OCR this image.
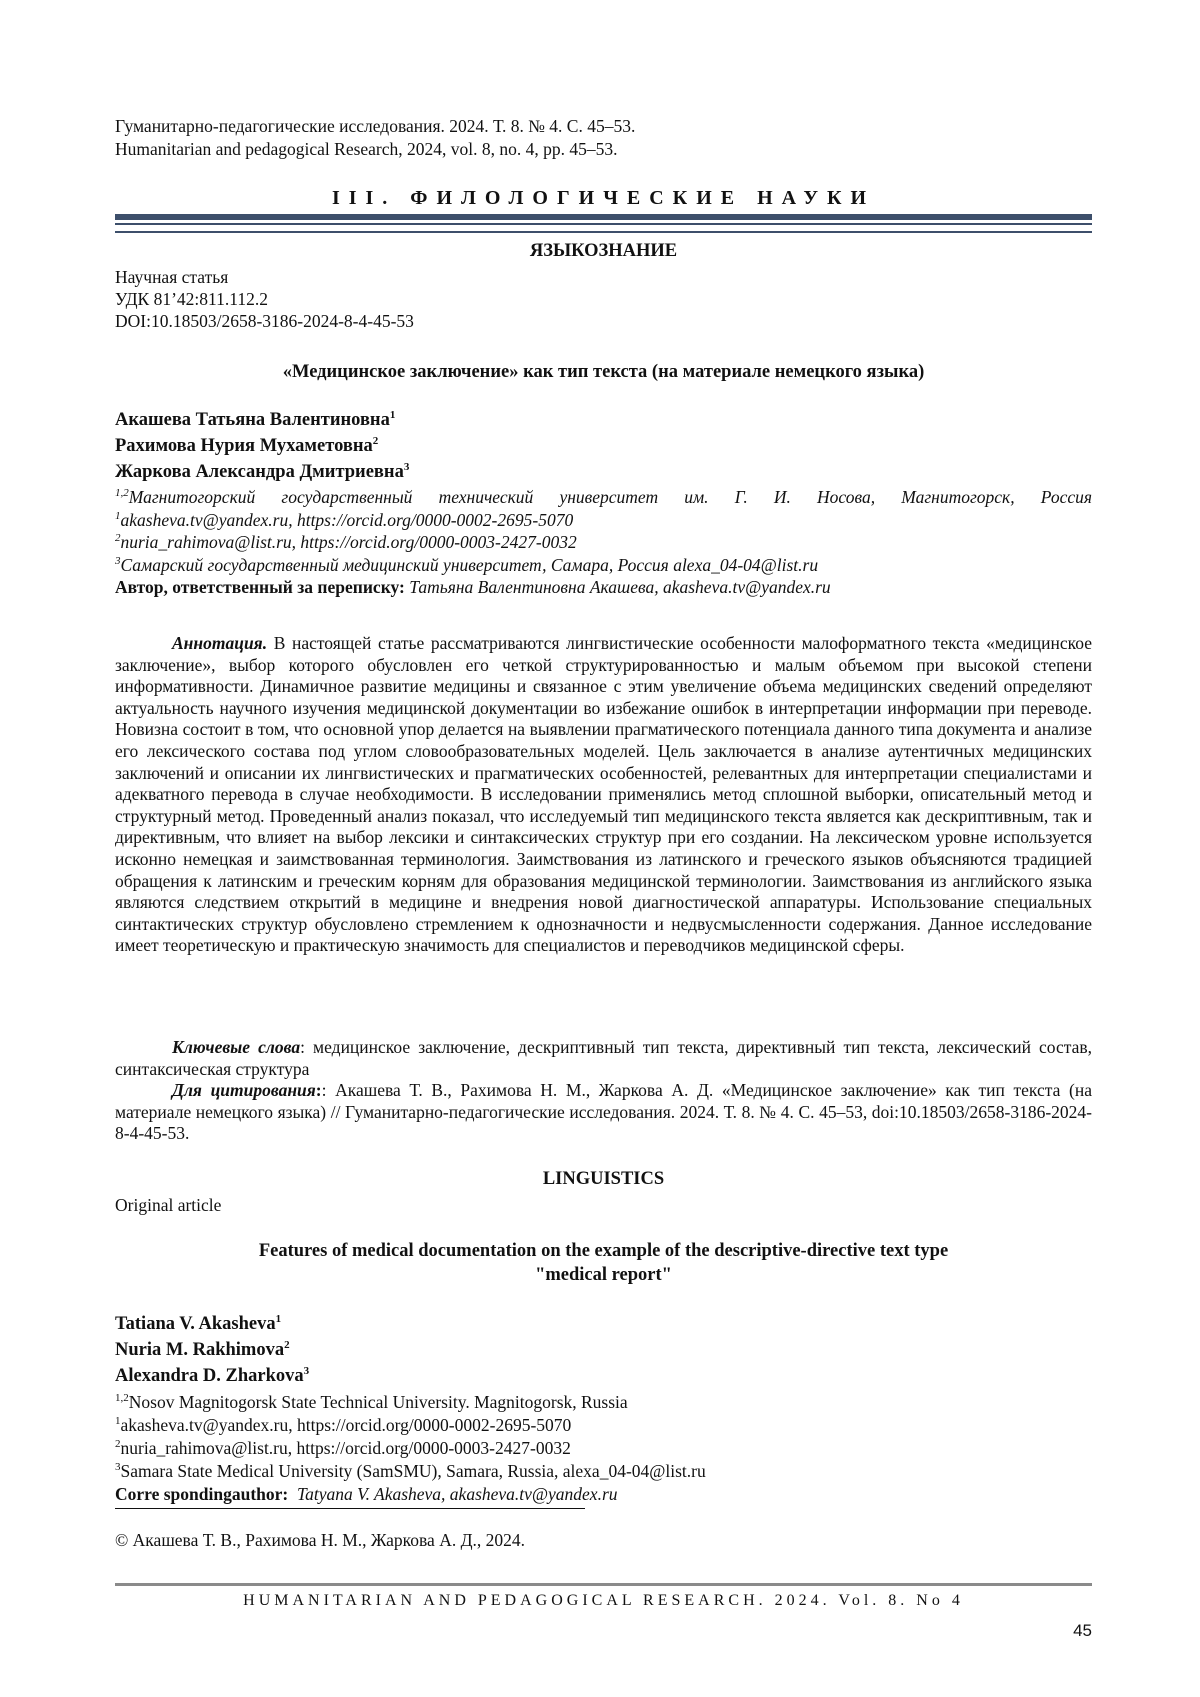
Гуманитарно-педагогические исследования. 2024. Т. 8. № 4. С. 45–53.
Humanitarian and pedagogical Research, 2024, vol. 8, no. 4, pp. 45–53.
III. ФИЛОЛОГИЧЕСКИЕ НАУКИ
ЯЗЫКОЗНАНИЕ
Научная статья
УДК 81’42:811.112.2
DOI:10.18503/2658-3186-2024-8-4-45-53
«Медицинское заключение» как тип текста (на материале немецкого языка)
Акашева Татьяна Валентиновна$^1$
Рахимова Нурия Мухаметовна$^2$
Жаркова Александра Дмитриевна$^3$
$^{1,2}$Магнитогорский государственный технический университет им. Г. И. Носова, Магнитогорск, Россия
$^1$akasheva.tv@yandex.ru, https://orcid.org/0000-0002-2695-5070
$^2$nuria_rahimova@list.ru, https://orcid.org/0000-0003-2427-0032
$^3$Самарский государственный медицинский университет, Самара, Россия alexa_04-04@list.ru
Автор, ответственный за переписку: Татьяна Валентиновна Акашева, akasheva.tv@yandex.ru
Аннотация. В настоящей статье рассматриваются лингвистические особенности малоформатного текста «медицинское заключение», выбор которого обусловлен его четкой структурированностью и малым объемом при высокой степени информативности. Динамичное развитие медицины и связанное с этим увеличение объема медицинских сведений определяют актуальность научного изучения медицинской документации во избежание ошибок в интерпретации информации при переводе. Новизна состоит в том, что основной упор делается на выявлении прагматического потенциала данного типа документа и анализе его лексического состава под углом словообразовательных моделей. Цель заключается в анализе аутентичных медицинских заключений и описании их лингвистических и прагматических особенностей, релевантных для интерпретации специалистами и адекватного перевода в случае необходимости. В исследовании применялись метод сплошной выборки, описательный метод и структурный метод. Проведенный анализ показал, что исследуемый тип медицинского текста является как дескриптивным, так и директивным, что влияет на выбор лексики и синтаксических структур при его создании. На лексическом уровне используется исконно немецкая и заимствованная терминология. Заимствования из латинского и греческого языков объясняются традицией обращения к латинским и греческим корням для образования медицинской терминологии. Заимствования из английского языка являются следствием открытий в медицине и внедрения новой диагностической аппаратуры. Использование специальных синтактических структур обусловлено стремлением к однозначности и недвусмысленности содержания. Данное исследование имеет теоретическую и практическую значимость для специалистов и переводчиков медицинской сферы.
Ключевые слова: медицинское заключение, дескриптивный тип текста, директивный тип текста, лексический состав, синтаксическая структура
Для цитирования:: Акашева Т. В., Рахимова Н. М., Жаркова А. Д. «Медицинское заключение» как тип текста (на материале немецкого языка) // Гуманитарно-педагогические исследования. 2024. Т. 8. № 4. С. 45–53, doi:10.18503/2658-3186-2024-8-4-45-53.
LINGUISTICS
Original article
Features of medical documentation on the example of the descriptive-directive text type
"medical report"
Tatiana V. Akasheva$^1$
Nuria M. Rakhimova$^2$
Alexandra D. Zharkova$^3$
$^{1,2}$Nosov Magnitogorsk State Technical University. Magnitogorsk, Russia
$^1$akasheva.tv@yandex.ru, https://orcid.org/0000-0002-2695-5070
$^2$nuria_rahimova@list.ru, https://orcid.org/0000-0003-2427-0032
$^3$Samara State Medical University (SamSMU), Samara, Russia, alexa_04-04@list.ru
Corre spondingauthor: Tatyana V. Akasheva, akasheva.tv@yandex.ru
© Акашева Т. В., Рахимова Н. М., Жаркова А. Д., 2024.
HUMANITARIAN AND PEDAGOGICAL RESEARCH. 2024. Vol. 8. No 4
45
